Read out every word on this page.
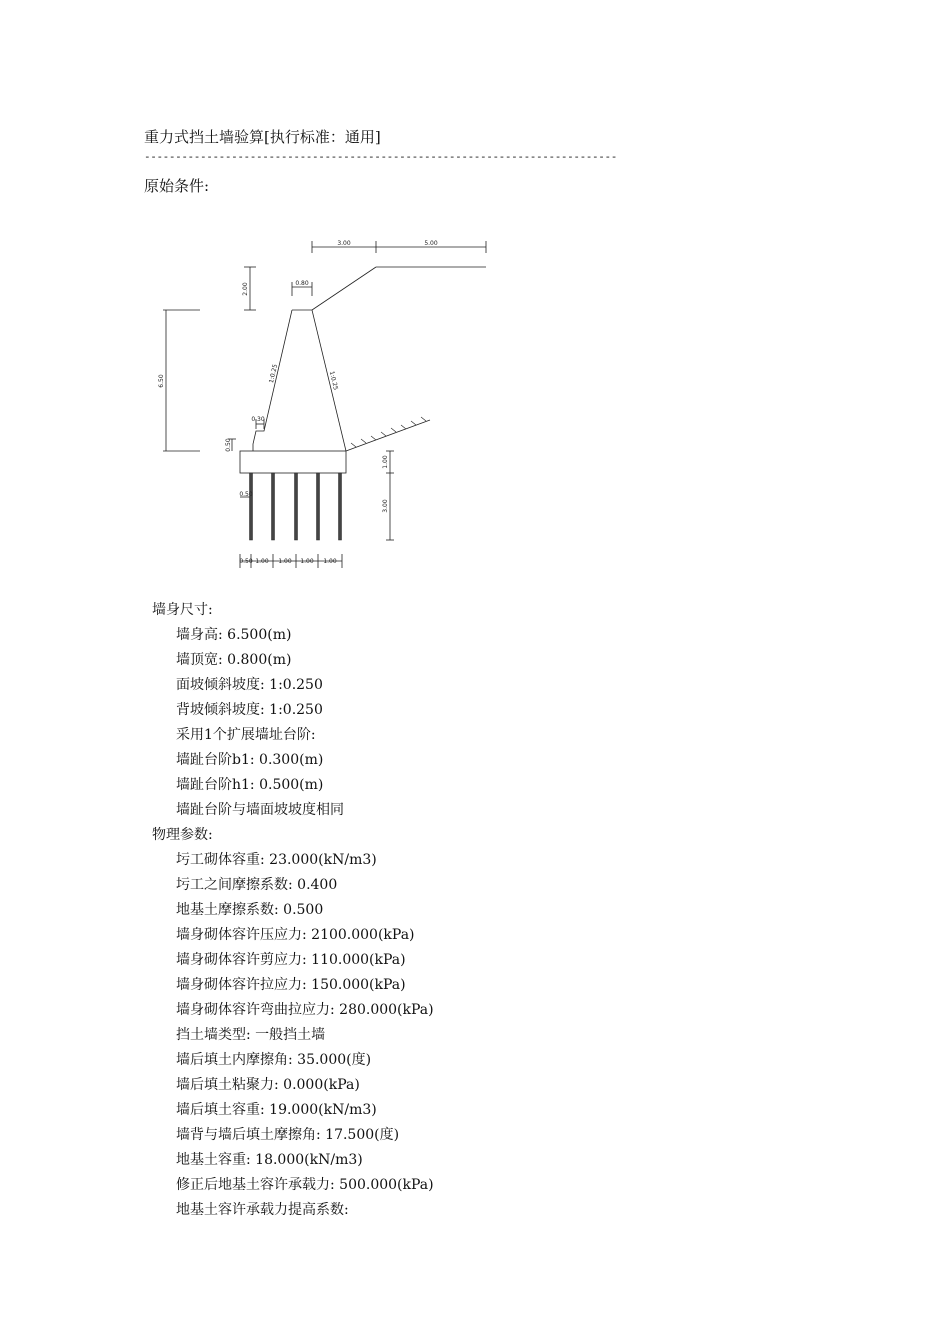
重力式挡土墙验算[执行标准：通用]
----------------------------------------------------------------------------
原始条件:
3.00	5.00
2.00	0.80
6.50	1:0.25	1:0.25
0.30
0.50
1.00
3.00
0.50
0.50 1.00 1.00 1.00 1.00
墙身尺寸:
墙身高: 6.500(m)
墙顶宽: 0.800(m)
面坡倾斜坡度: 1:0.250
背坡倾斜坡度: 1:0.250
采用1个扩展墙址台阶:
墙趾台阶b1: 0.300(m)
墙趾台阶h1: 0.500(m)
墙趾台阶与墙面坡坡度相同
物理参数:
圬工砌体容重: 23.000(kN/m3)
圬工之间摩擦系数: 0.400
地基土摩擦系数: 0.500
墙身砌体容许压应力: 2100.000(kPa)
墙身砌体容许剪应力: 110.000(kPa)
墙身砌体容许拉应力: 150.000(kPa)
墙身砌体容许弯曲拉应力: 280.000(kPa)
挡土墙类型: 一般挡土墙
墙后填土内摩擦角: 35.000(度)
墙后填土粘聚力: 0.000(kPa)
墙后填土容重: 19.000(kN/m3)
墙背与墙后填土摩擦角: 17.500(度)
地基土容重: 18.000(kN/m3)
修正后地基土容许承载力: 500.000(kPa)
地基土容许承载力提高系数:
